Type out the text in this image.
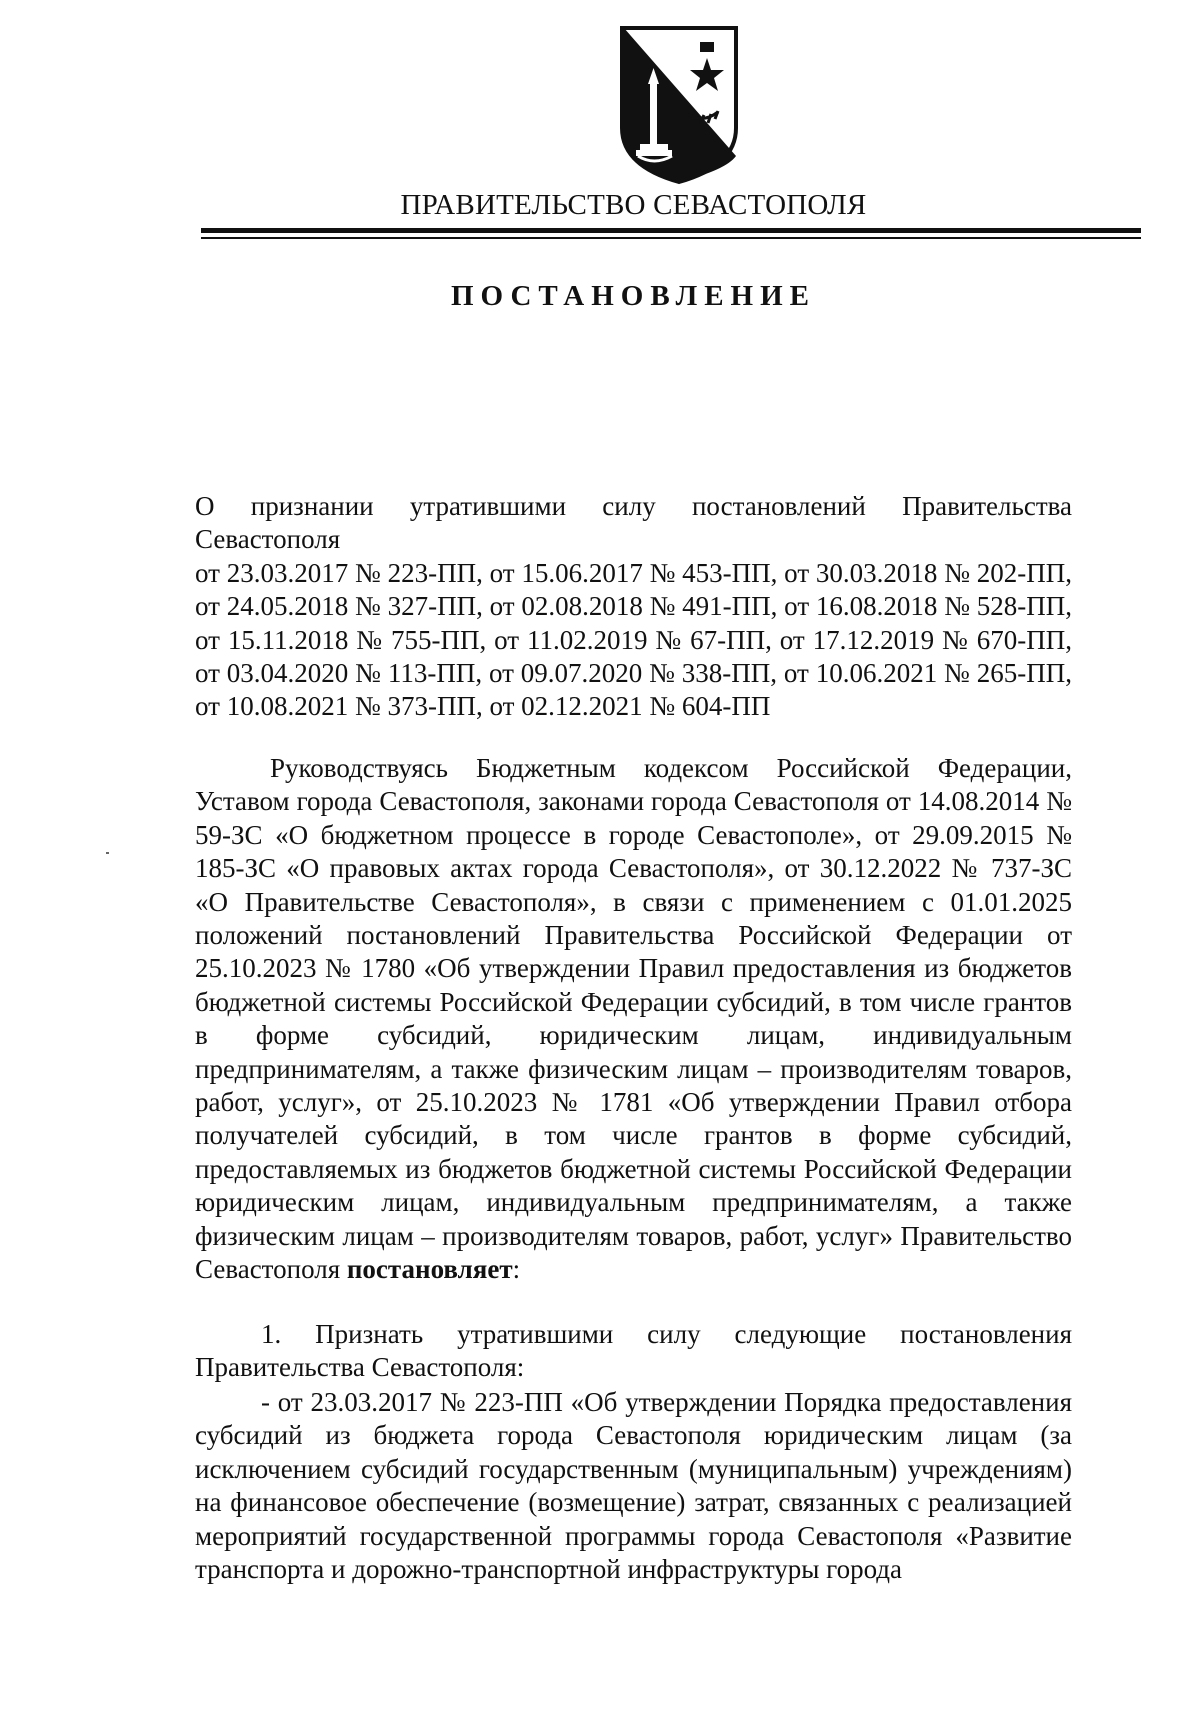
ПРАВИТЕЛЬСТВО СЕВАСТОПОЛЯ
ПОСТАНОВЛЕНИЕ

О признании утратившими силу постановлений Правительства Севастополя
от 23.03.2017 № 223-ПП, от 15.06.2017 № 453-ПП, от 30.03.2018 № 202-ПП,
от 24.05.2018 № 327-ПП, от 02.08.2018 № 491-ПП, от 16.08.2018 № 528-ПП,
от 15.11.2018 № 755-ПП, от 11.02.2019 № 67-ПП, от 17.12.2019 № 670-ПП,
от 03.04.2020 № 113-ПП, от 09.07.2020 № 338-ПП, от 10.06.2021 № 265-ПП,
от 10.08.2021 № 373-ПП, от 02.12.2021 № 604-ПП

Руководствуясь Бюджетным кодексом Российской Федерации, Уставом города Севастополя, законами города Севастополя от 14.08.2014 № 59-ЗС «О бюджетном процессе в городе Севастополе», от 29.09.2015 № 185-ЗС «О правовых актах города Севастополя», от 30.12.2022 № 737-ЗС «О Правительстве Севастополя», в связи с применением с 01.01.2025 положений постановлений Правительства Российской Федерации от 25.10.2023 № 1780 «Об утверждении Правил предоставления из бюджетов бюджетной системы Российской Федерации субсидий, в том числе грантов в форме субсидий, юридическим лицам, индивидуальным предпринимателям, а также физическим лицам – производителям товаров, работ, услуг», от 25.10.2023 № 1781 «Об утверждении Правил отбора получателей субсидий, в том числе грантов в форме субсидий, предоставляемых из бюджетов бюджетной системы Российской Федерации юридическим лицам, индивидуальным предпринимателям, а также физическим лицам – производителям товаров, работ, услуг» Правительство Севастополя постановляет:

1. Признать утратившими силу следующие постановления Правительства Севастополя:

- от 23.03.2017 № 223-ПП «Об утверждении Порядка предоставления субсидий из бюджета города Севастополя юридическим лицам (за исключением субсидий государственным (муниципальным) учреждениям) на финансовое обеспечение (возмещение) затрат, связанных с реализацией мероприятий государственной программы города Севастополя «Развитие транспорта и дорожно-транспортной инфраструктуры города
